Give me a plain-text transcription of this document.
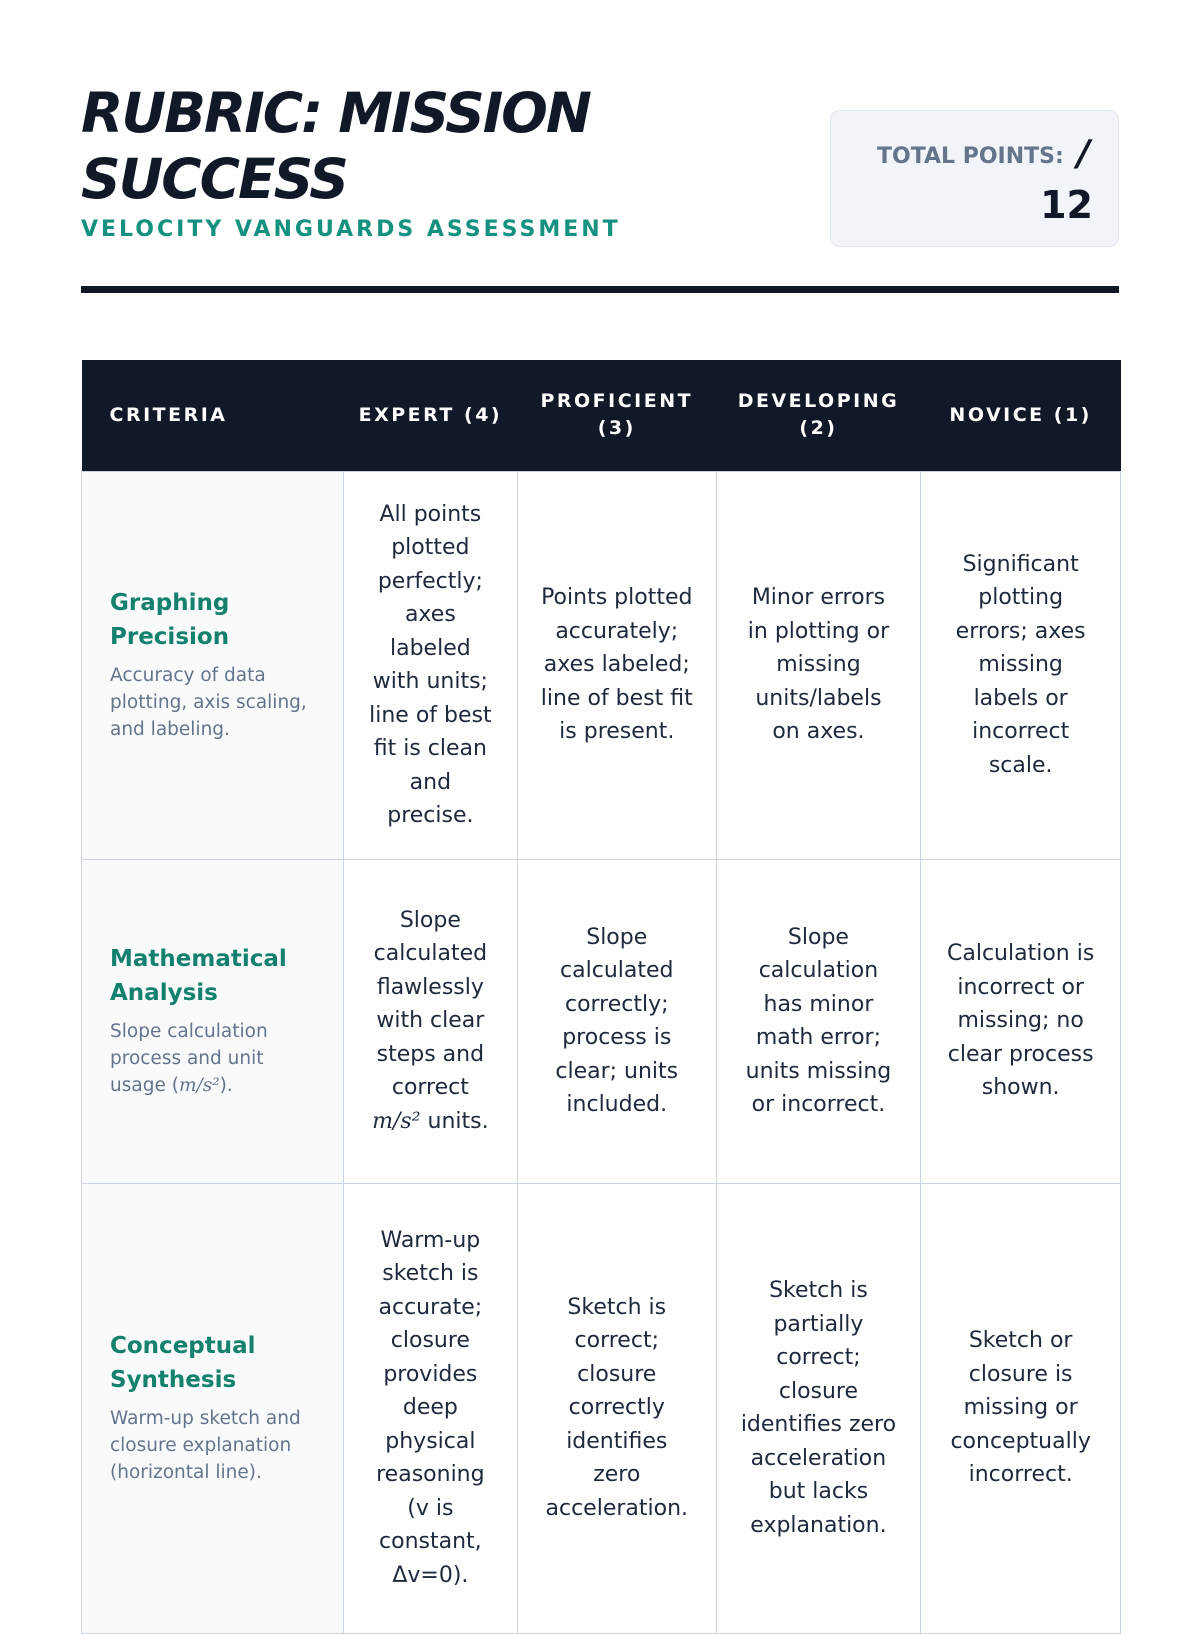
RUBRIC: MISSION SUCCESS
VELOCITY VANGUARDS ASSESSMENT
TOTAL POINTS: /
12
CRITERIA	EXPERT (4)	PROFICIENT (3)	DEVELOPING (2)	NOVICE (1)

Graphing Precision
Accuracy of data plotting, axis scaling, and labeling.	All points plotted perfectly; axes labeled with units; line of best fit is clean and precise.	Points plotted accurately; axes labeled; line of best fit is present.	Minor errors in plotting or missing units/labels on axes.	Significant plotting errors; axes missing labels or incorrect scale.

Mathematical Analysis
Slope calculation process and unit usage (m/s²).	Slope calculated flawlessly with clear steps and correct m/s² units.	Slope calculated correctly; process is clear; units included.	Slope calculation has minor math error; units missing or incorrect.	Calculation is incorrect or missing; no clear process shown.

Conceptual Synthesis
Warm-up sketch and closure explanation (horizontal line).	Warm-up sketch is accurate; closure provides deep physical reasoning (v is constant, Δv=0).	Sketch is correct; closure correctly identifies zero acceleration.	Sketch is partially correct; closure identifies zero acceleration but lacks explanation.	Sketch or closure is missing or conceptually incorrect.
